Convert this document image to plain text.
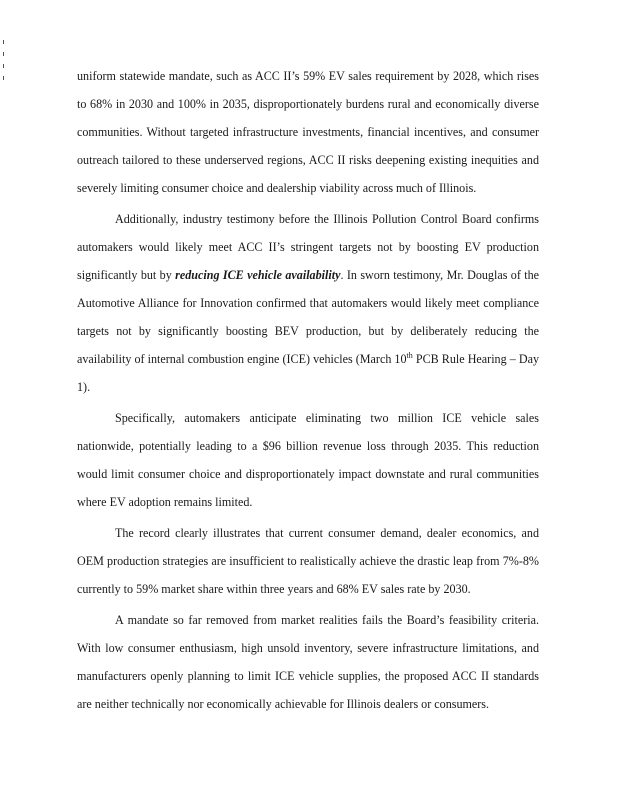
uniform statewide mandate, such as ACC II’s 59% EV sales requirement by 2028, which rises to 68% in 2030 and 100% in 2035, disproportionately burdens rural and economically diverse communities. Without targeted infrastructure investments, financial incentives, and consumer outreach tailored to these underserved regions, ACC II risks deepening existing inequities and severely limiting consumer choice and dealership viability across much of Illinois.

Additionally, industry testimony before the Illinois Pollution Control Board confirms automakers would likely meet ACC II’s stringent targets not by boosting EV production significantly but by reducing ICE vehicle availability. In sworn testimony, Mr. Douglas of the Automotive Alliance for Innovation confirmed that automakers would likely meet compliance targets not by significantly boosting BEV production, but by deliberately reducing the availability of internal combustion engine (ICE) vehicles (March 10th PCB Rule Hearing – Day 1).

Specifically, automakers anticipate eliminating two million ICE vehicle sales nationwide, potentially leading to a $96 billion revenue loss through 2035. This reduction would limit consumer choice and disproportionately impact downstate and rural communities where EV adoption remains limited.

The record clearly illustrates that current consumer demand, dealer economics, and OEM production strategies are insufficient to realistically achieve the drastic leap from 7%-8% currently to 59% market share within three years and 68% EV sales rate by 2030.

A mandate so far removed from market realities fails the Board’s feasibility criteria. With low consumer enthusiasm, high unsold inventory, severe infrastructure limitations, and manufacturers openly planning to limit ICE vehicle supplies, the proposed ACC II standards are neither technically nor economically achievable for Illinois dealers or consumers.
